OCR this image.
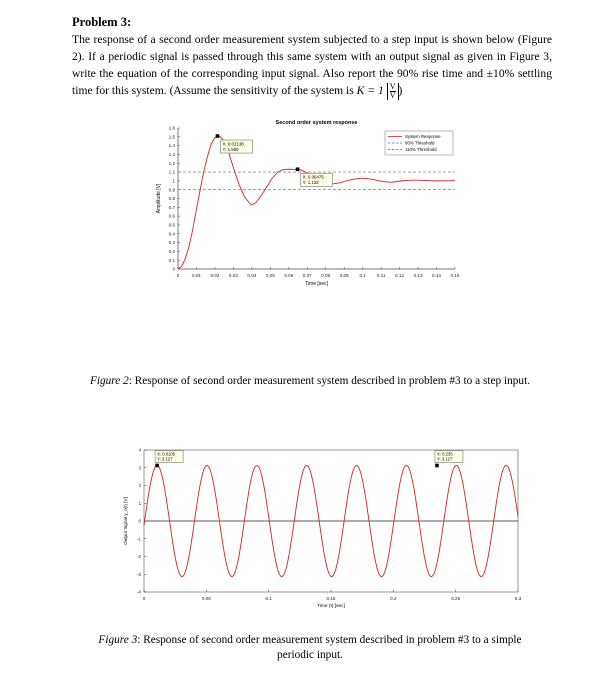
Problem 3:

The response of a second order measurement system subjected to a step input is shown below (Figure 2). If a periodic signal is passed through this same system with an output signal as given in Figure 3, write the equation of the corresponding input signal. Also report the 90% rise time and ±10% settling time for this system. (Assume the sensitivity of the system is $K = 1 \frac{V}{V}$ )

0	0.01 0.02 0.03 0.04 0.05 0.06 0.07 0.08 0.09 0.1 0.11 0.12 0.13 0.14 0.15
0
0.1
0.2
0.3
0.4
0.5
0.6
0.7
0.8
0.9
1
1.1
1.2
1.3
1.4
1.5
1.6
Second order system response
Time [sec]
Amplitude [V]
X: 0.02138
Y: 1.509
X: 0.06475
Y: 1.132
System Response
90% Threshold
110% Threshold
Figure 2: Response of second order measurement system described in problem #3 to a step input.
0	0.05	0.1	0.15	0.2	0.25	0.3
-4
-3
-2
-1
0
1
2
3
4
Time (t) [sec]
Output Signal y_o(t) [V]
X: 0.0105
Y: 3.127
X: 0.235
Y: 3.127
Figure 3: Response of second order measurement system described in problem #3 to a simple periodic input.
